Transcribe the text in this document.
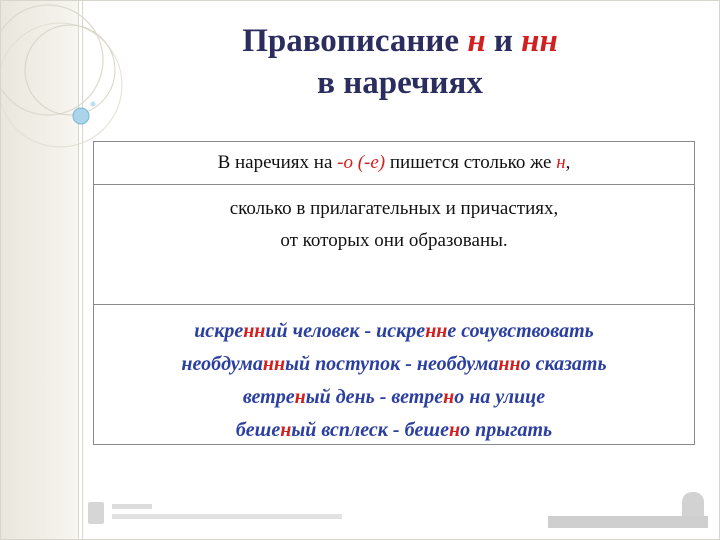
Правописание н и нн
в наречиях
В наречиях на -о (-е) пишется столько же н,
сколько в прилагательных и причастиях,
от которых они образованы.
искренний человек - искренне сочувствовать
необдуманный поступок - необдуманно сказать
ветреный день - ветрено на улице
бешеный всплеск - бешено прыгать
